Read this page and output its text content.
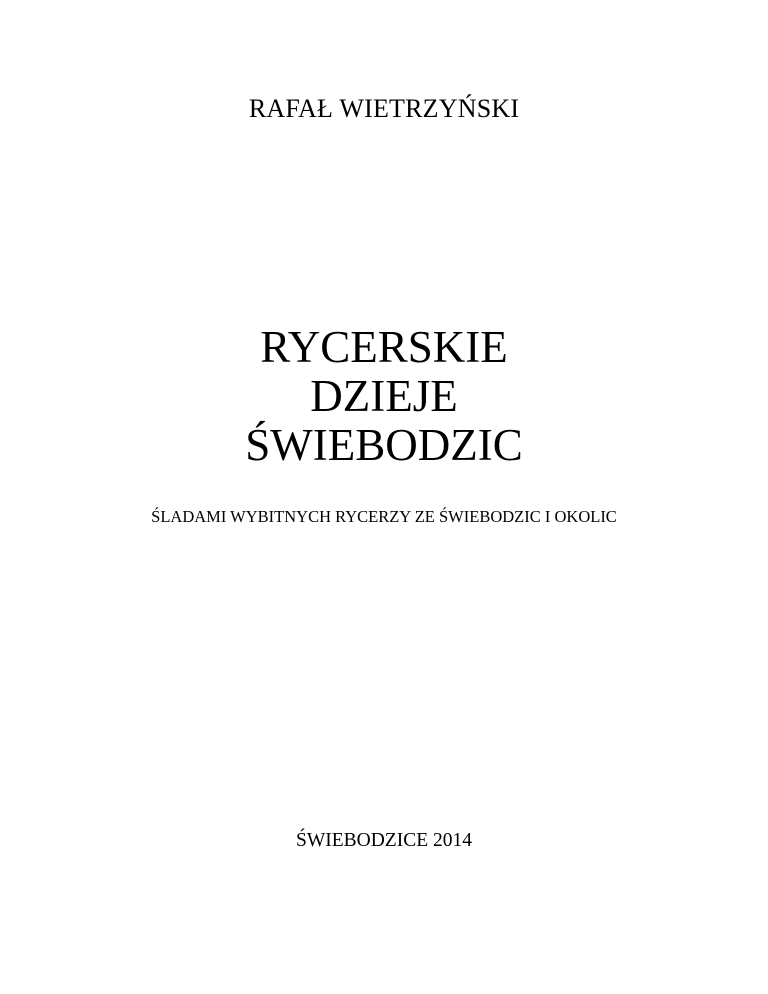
RAFAŁ WIETRZYŃSKI
RYCERSKIE
DZIEJE
ŚWIEBODZIC
ŚLADAMI WYBITNYCH RYCERZY ZE ŚWIEBODZIC I OKOLIC
ŚWIEBODZICE 2014
